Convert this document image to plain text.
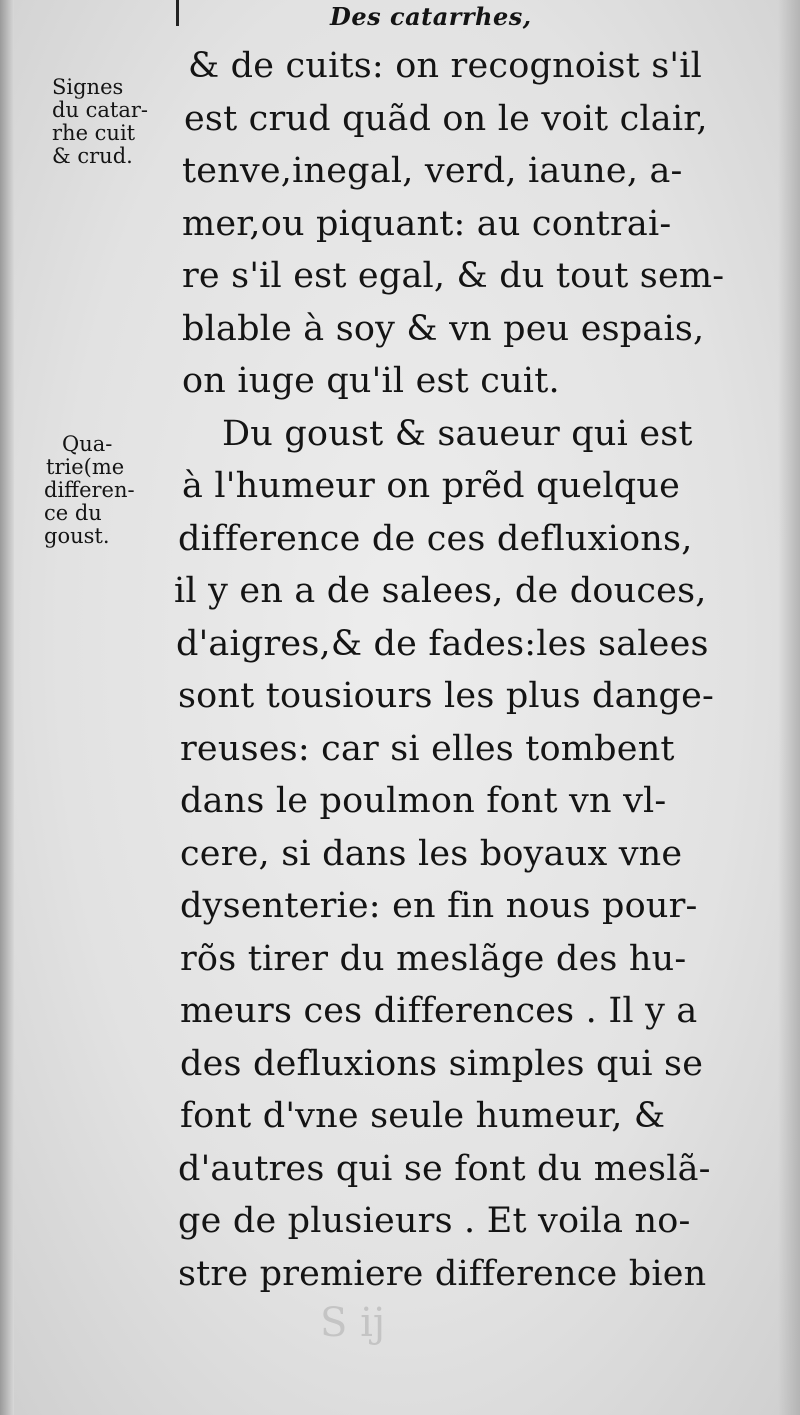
Des catarrhes,
Signes
du catar-
rhe cuit
& crud.
Qua-
trie(me
differen-
ce du
goust.
& de cuits: on recognoist s'il
est crud quãd on le voit clair,
tenve,inegal, verd, iaune, a-
mer,ou piquant: au contrai-
re s'il est egal, & du tout sem-
blable à soy & vn peu espais,
on iuge qu'il est cuit.
Du goust & saueur qui est
à l'humeur on prẽd quelque
difference de ces defluxions,
il y en a de salees, de douces,
d'aigres,& de fades:les salees
sont tousiours les plus dange-
reuses: car si elles tombent
dans le poulmon font vn vl-
cere, si dans les boyaux vne
dysenterie: en fin nous pour-
rõs tirer du meslãge des hu-
meurs ces differences . Il y a
des defluxions simples qui se
font d'vne seule humeur, &
d'autres qui se font du meslã-
ge de plusieurs . Et voila no-
stre premiere difference bien
S ij
